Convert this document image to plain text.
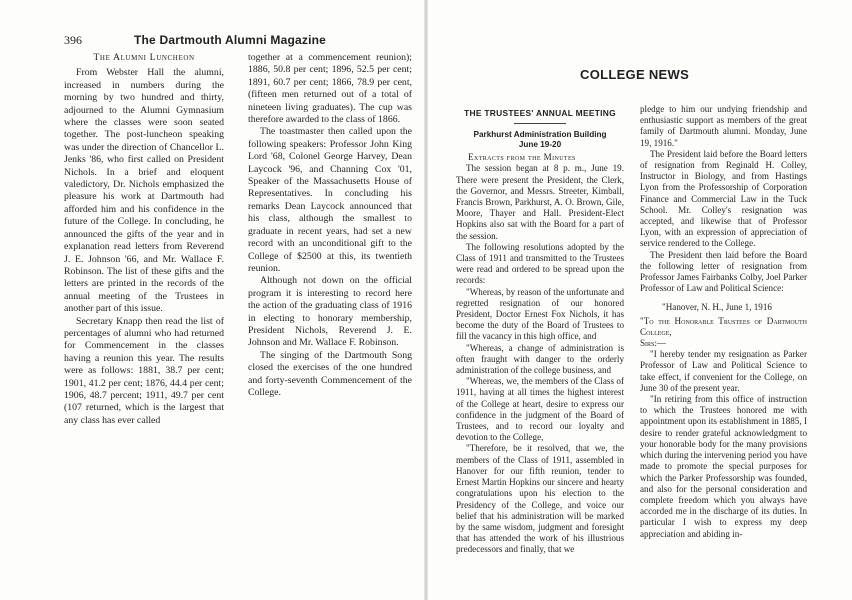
396	The Dartmouth Alumni Magazine

The Alumni Luncheon

From Webster Hall the alumni, increased in numbers during the morning by two hundred and thirty, adjourned to the Alumni Gymnasium where the classes were soon seated together. The post-luncheon speaking was under the direction of Chancellor L. Jenks '86, who first called on President Nichols. In a brief and eloquent valedictory, Dr. Nichols emphasized the pleasure his work at Dartmouth had afforded him and his confidence in the future of the College. In concluding, he announced the gifts of the year and in explanation read letters from Reverend J. E. Johnson '66, and Mr. Wallace F. Robinson. The list of these gifts and the letters are printed in the records of the annual meeting of the Trustees in another part of this issue.

Secretary Knapp then read the list of percentages of alumni who had returned for Commencement in the classes having a reunion this year. The results were as follows: 1881, 38.7 per cent; 1901, 41.2 per cent; 1876, 44.4 per cent; 1906, 48.7 percent; 1911, 49.7 per cent (107 returned, which is the largest that any class has ever called

together at a commencement reunion); 1886, 50.8 per cent; 1896, 52.5 per cent; 1891, 60.7 per cent; 1866, 78.9 per cent, (fifteen men returned out of a total of nineteen living graduates). The cup was therefore awarded to the class of 1866.

The toastmaster then called upon the following speakers: Professor John King Lord '68, Colonel George Harvey, Dean Laycock '96, and Channing Cox '01, Speaker of the Massachusetts House of Representatives. In concluding his remarks Dean Laycock announced that his class, although the smallest to graduate in recent years, had set a new record with an unconditional gift to the College of $2500 at this, its twentieth reunion.

Although not down on the official program it is interesting to record here the action of the graduating class of 1916 in electing to honorary membership, President Nichols, Reverend J. E. Johnson and Mr. Wallace F. Robinson.

The singing of the Dartmouth Song closed the exercises of the one hundred and forty-seventh Commencement of the College.

COLLEGE NEWS

THE TRUSTEES' ANNUAL MEETING

Parkhurst Administration Building

June 19-20

Extracts from the Minutes

The session began at 8 p. m., June 19. There were present the President, the Clerk, the Governor, and Messrs. Streeter, Kimball, Francis Brown, Parkhurst, A. O. Brown, Gile, Moore, Thayer and Hall. President-Elect Hopkins also sat with the Board for a part of the session.

The following resolutions adopted by the Class of 1911 and transmitted to the Trustees were read and ordered to be spread upon the records:

"Whereas, by reason of the unfortunate and regretted resignation of our honored President, Doctor Ernest Fox Nichols, it has become the duty of the Board of Trustees to fill the vacancy in this high office, and

"Whereas, a change of administration is often fraught with danger to the orderly administration of the college business, and

"Whereas, we, the members of the Class of 1911, having at all times the highest interest of the College at heart, desire to express our confidence in the judgment of the Board of Trustees, and to record our loyalty and devotion to the College,

"Therefore, be it resolved, that we, the members of the Class of 1911, assembled in Hanover for our fifth reunion, tender to Ernest Martin Hopkins our sincere and hearty congratulations upon his election to the Presidency of the College, and voice our belief that his administration will be marked by the same wisdom, judgment and foresight that has attended the work of his illustrious predecessors and finally, that we

pledge to him our undying friendship and enthusiastic support as members of the great family of Dartmouth alumni. Monday, June 19, 1916."

The President laid before the Board letters of resignation from Reginald H. Colley, Instructor in Biology, and from Hastings Lyon from the Professorship of Corporation Finance and Commercial Law in the Tuck School. Mr. Colley's resignation was accepted, and likewise that of Professor Lyon, with an expression of appreciation of service rendered to the College.

The President then laid before the Board the following letter of resignation from Professor James Fairbanks Colby, Joel Parker Professor of Law and Political Science:

"Hanover, N. H., June 1, 1916

"To the Honorable Trustees of Dartmouth College,

Sirs:—

"I hereby tender my resignation as Parker Professor of Law and Political Science to take effect, if convenient for the College, on June 30 of the present year.

"In retiring from this office of instruction to which the Trustees honored me with appointment upon its establishment in 1885, I desire to render grateful acknowledgment to your honorable body for the many provisions which during the intervening period you have made to promote the special purposes for which the Parker Professorship was founded, and also for the personal consideration and complete freedom which you always have accorded me in the discharge of its duties. In particular I wish to express my deep appreciation and abiding in-
